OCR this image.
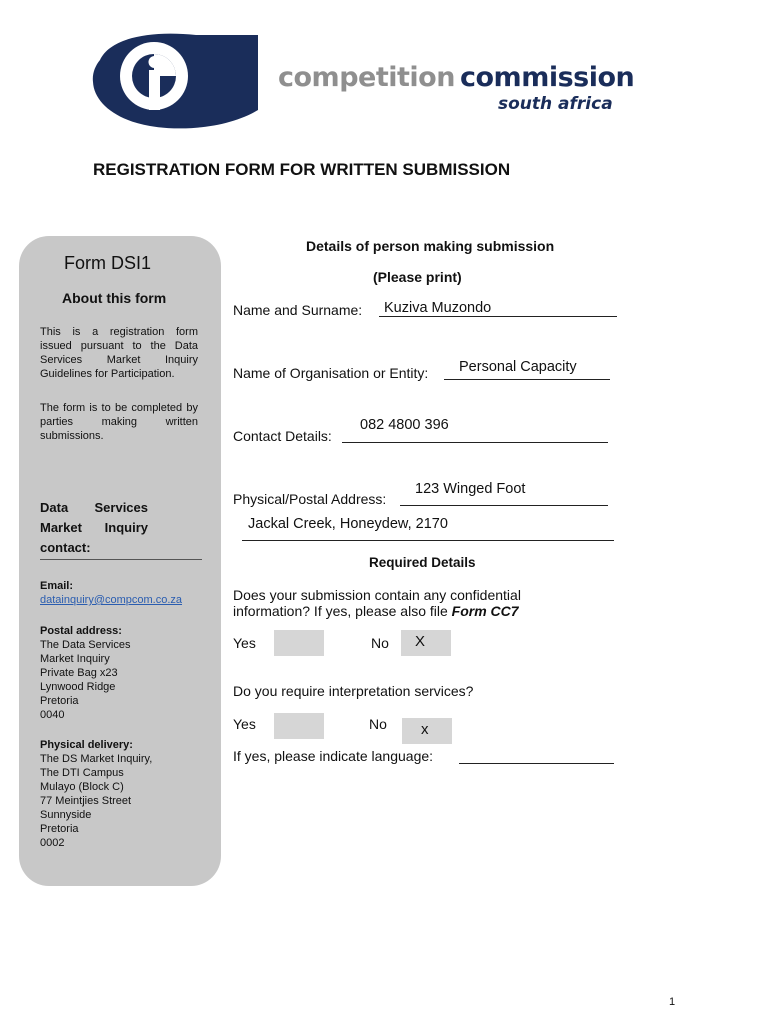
competition commission
south africa
REGISTRATION FORM FOR WRITTEN SUBMISSION
Form DSI1
About this form
This is a registration form issued pursuant to the Data Services Market Inquiry Guidelines for Participation.
The form is to be completed by parties making written submissions.
Data Services Market Inquiry contact:
Email:
datainquiry@compcom.co.za
Postal address:
The Data Services
Market Inquiry
Private Bag x23
Lynwood Ridge
Pretoria
0040
Physical delivery:
The DS Market Inquiry,
The DTI Campus
Mulayo (Block C)
77 Meintjies Street
Sunnyside
Pretoria
0002
Details of person making submission
(Please print)
Name and Surname: Kuziva Muzondo
Name of Organisation or Entity: Personal Capacity
Contact Details:
082 4800 396
Physical/Postal Address:
123 Winged Foot
Jackal Creek, Honeydew, 2170
Required Details
Does your submission contain any confidential
information? If yes, please also file Form CC7
Yes	No X
Do you require interpretation services?
Yes	No x
If yes, please indicate language:
1
